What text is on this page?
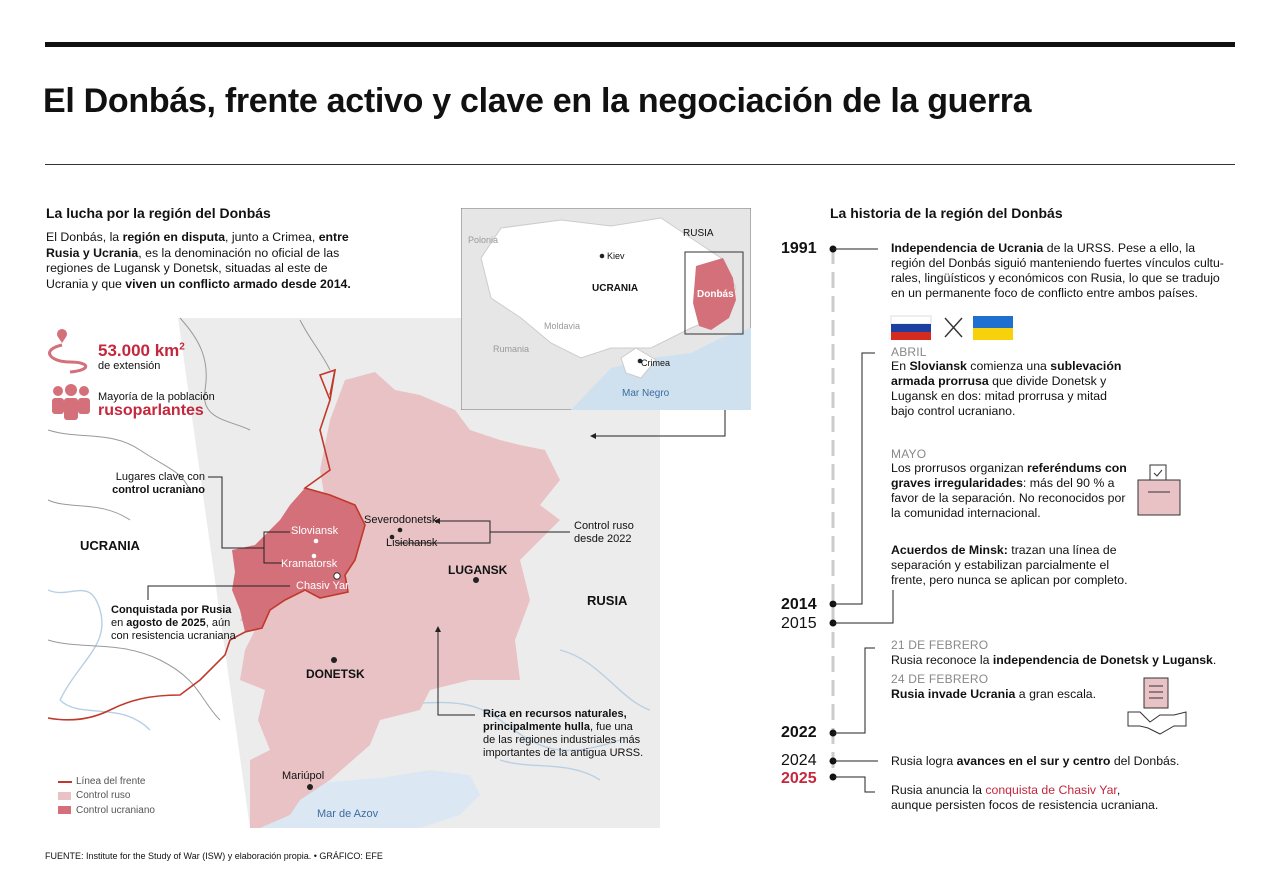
El Donbás, frente activo y clave en la negociación de la guerra
Polonia
Kiev
UCRANIA
RUSIA
Moldavia
Rumania
Crimea
Mar Negro
Donbás
La lucha por la región del Donbás
El Donbás, la región en disputa, junto a Crimea, entre Rusia y Ucrania, es la denominación no oficial de las regiones de Lugansk y Donetsk, situadas al este de Ucrania y que viven un conflicto armado desde 2014.
53.000 $km^2$
de extensión
Mayoría de la población
rusoparlantes
UCRANIA
RUSIA
LUGANSK
DONETSK
Mariúpol
Mar de Azov
Sloviansk
Kramatorsk
Chasiv Yar
Severodonetsk
Lisichansk
Lugares clave con
control ucraniano
Conquistada por Rusia
en agosto de 2025, aún
con resistencia ucraniana
Control ruso
desde 2022
Rica en recursos naturales,
principalmente hulla, fue una
de las regiones industriales más
importantes de la antigua URSS.
Línea del frente
Control ruso
Control ucraniano
La historia de la región del Donbás
1991
2014
2015
2022
2024
2025
Independencia de Ucrania de la URSS. Pese a ello, la
región del Donbás siguió manteniendo fuertes vínculos cultu-
rales, lingüísticos y económicos con Rusia, lo que se tradujo
en un permanente foco de conflicto entre ambos países.
ABRIL
En Sloviansk comienza una sublevación
armada prorrusa que divide Donetsk y
Lugansk en dos: mitad prorrusa y mitad
bajo control ucraniano.
MAYO
Los prorrusos organizan referéndums con
graves irregularidades: más del 90 % a
favor de la separación. No reconocidos por
la comunidad internacional.
Acuerdos de Minsk: trazan una línea de
separación y estabilizan parcialmente el
frente, pero nunca se aplican por completo.
21 DE FEBRERO
Rusia reconoce la independencia de Donetsk y Lugansk.
24 DE FEBRERO
Rusia invade Ucrania a gran escala.
Rusia logra avances en el sur y centro del Donbás.
Rusia anuncia la conquista de Chasiv Yar,
aunque persisten focos de resistencia ucraniana.
FUENTE: Institute for the Study of War (ISW) y elaboración propia. • GRÁFICO: EFE
